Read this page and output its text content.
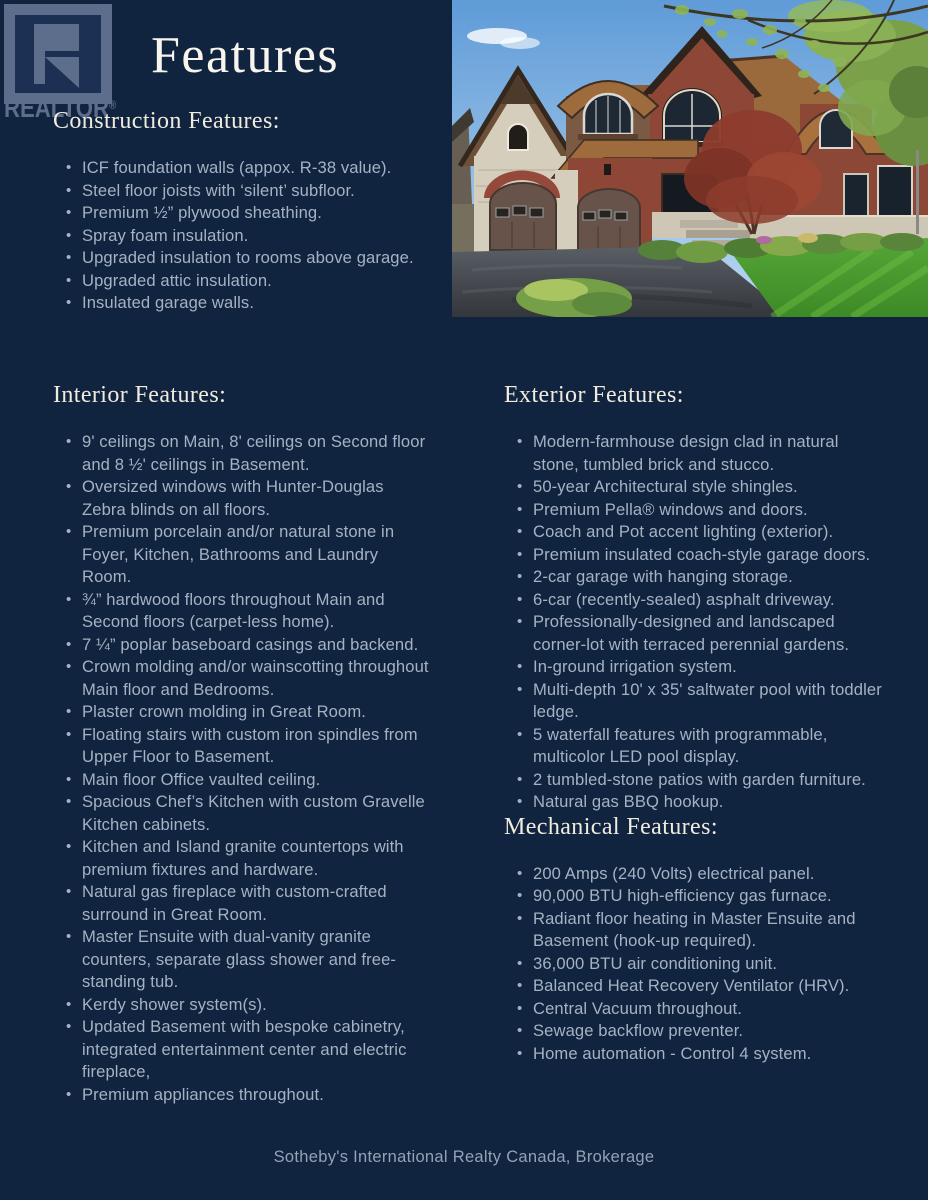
REALTOR®
Features
Construction Features:
• ICF foundation walls (appox. R-38 value).
• Steel floor joists with ‘silent’ subfloor.
• Premium ½” plywood sheathing.
• Spray foam insulation.
• Upgraded insulation to rooms above garage.
• Upgraded attic insulation.
• Insulated garage walls.
Interior Features:
• 9' ceilings on Main, 8' ceilings on Second floor and 8 ½' ceilings in Basement.
• Oversized windows with Hunter-Douglas Zebra blinds on all floors.
• Premium porcelain and/or natural stone in Foyer, Kitchen, Bathrooms and Laundry Room.
• ¾” hardwood floors throughout Main and Second floors (carpet-less home).
• 7 ¼” poplar baseboard casings and backend.
• Crown molding and/or wainscotting throughout Main floor and Bedrooms.
• Plaster crown molding in Great Room.
• Floating stairs with custom iron spindles from Upper Floor to Basement.
• Main floor Office vaulted ceiling.
• Spacious Chef’s Kitchen with custom Gravelle Kitchen cabinets.
• Kitchen and Island granite countertops with premium fixtures and hardware.
• Natural gas fireplace with custom-crafted surround in Great Room.
• Master Ensuite with dual-vanity granite counters, separate glass shower and free-standing tub.
• Kerdy shower system(s).
• Updated Basement with bespoke cabinetry, integrated entertainment center and electric fireplace,
• Premium appliances throughout.
Exterior Features:
• Modern-farmhouse design clad in natural stone, tumbled brick and stucco.
• 50-year Architectural style shingles.
• Premium Pella® windows and doors.
• Coach and Pot accent lighting (exterior).
• Premium insulated coach-style garage doors.
• 2-car garage with hanging storage.
• 6-car (recently-sealed) asphalt driveway.
• Professionally-designed and landscaped corner-lot with terraced perennial gardens.
• In-ground irrigation system.
• Multi-depth 10' x 35' saltwater pool with toddler ledge.
• 5 waterfall features with programmable, multicolor LED pool display.
• 2 tumbled-stone patios with garden furniture.
• Natural gas BBQ hookup.
Mechanical Features:
• 200 Amps (240 Volts) electrical panel.
• 90,000 BTU high-efficiency gas furnace.
• Radiant floor heating in Master Ensuite and Basement (hook-up required).
• 36,000 BTU air conditioning unit.
• Balanced Heat Recovery Ventilator (HRV).
• Central Vacuum throughout.
• Sewage backflow preventer.
• Home automation - Control 4 system.
Sotheby's International Realty Canada, Brokerage
